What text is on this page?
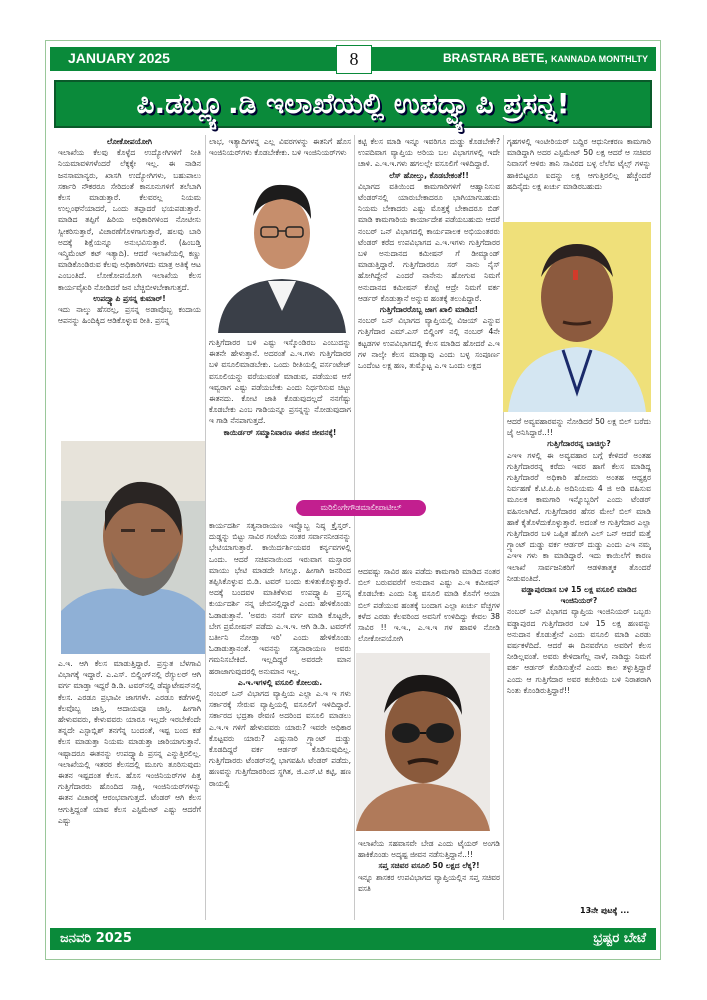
JANUARY 2025	BRASTARA BETE, KANNADA MONTHLTY
8
ಪಿ.ಡಬ್ಲ್ಯೂ.ಡಿ ಇಲಾಖೆಯಲ್ಲಿ ಉಪದ್ವ್ಯಾಪಿ ಪ್ರಸನ್ನ!
ಲೋಕೋಪಯೋಗಿ

ಇಲಾಖೆಯ ಕೆಲವು ಕೊಳ್ಳೆದ ಉದ್ಯೋಗಿಗಳಿಗೆ ನೀತಿ ನಿಯಮಾವಳಿಗಳೆಂದರೆ ಲೆಕ್ಕಕ್ಕೇ ಇಲ್ಲ. ಈ ನಾಡಿನ ಜನಸಾಮಾನ್ಯರು, ಖಾಸಗಿ ಉದ್ಯೋಗಿಗಳು, ಬಹುಪಾಲು ಸರ್ಕಾರಿ ನೌಕರರೂ ಸೇರಿದಂತೆ ಕಾನೂನುಗಳಿಗೆ ತಲೆಬಾಗಿ ಕೆಲಸ ಮಾಡುತ್ತಾರೆ. ಕೆಲವರಲ್ಲ ನಿಯಮ ಉಲ್ಲಂಘನೆಯಾದರೆ, ಒಂದು ತಪ್ಪಾದರೆ ಭಯಪಡುತ್ತಾರೆ. ಮಾಡಿದ ತಪ್ಪಿಗೆ ಹಿರಿಯ ಅಧಿಕಾರಿಗಳಿಂದ ನೋಟೀಸು ಸ್ವೀಕರಿಸುತ್ತಾರೆ, ವಿಚಾರಣೆಗೊಳಗಾಗುತ್ತಾರೆ, ಹಲವು ಬಾರಿ ಅದಕ್ಕೆ ಶಿಕ್ಷೆಯನ್ನೂ ಅನುಭವಿಸುತ್ತಾರೆ. (ಹಿಂಬಡ್ತಿ ಇನ್ಕ್ರಿಮೆಂಟ್ ಕಟ್ ಇತ್ಯಾದಿ). ಆದರೆ ಇಲಾಖೆಯಲ್ಲಿ ಕಣ್ಣು ಮಾಡಿಕೊಂಡಿರುವ ಕೆಲವು ಅಧಿಕಾರಿಗಳದು ಮಾತ್ರ ಅತಿಕ್ಕೆ ಆಟ ಎಂಬಂತಿದೆ. ಲೋಕೋಪಯೋಗಿ ಇಲಾಖೆಯ ಕೆಲಸ ಕಾರ್ಯವೈಖರಿ ನೋಡಿದರೆ ಜನ ಬೆಚ್ಚಿಬೀಳಬೇಕಾಗುತ್ತದೆ.

ಉಪದ್ವ್ಯಾಪಿ ಪ್ರಸನ್ನ ಕುಮಾರ್!

ಇದು ನಾಲ್ಕು ಹೆಸರಲ್ಲ, ಪ್ರಸನ್ನ ಅಡಾವೊಬ್ಬ ಕಂದಾಯ ಆಪನನ್ನು ಹಿಂದಿಕ್ಕಿದ ಆಡಿಕೊಳ್ಳುವ ರೀತಿ. ಪ್ರಸನ್ನ

ಎ.ಇ. ಆಗಿ ಕೆಲಸ ಮಾಡುತ್ತಿದ್ದಾರೆ. ಪ್ರಸ್ತುತ ಬೆಳಗಾವಿ ವಿಭಾಗಕ್ಕೆ ಇದ್ದಾರೆ. ಎ.ಎಸ್. ಬಿಲ್ಡಿಂಗ್‌ನಲ್ಲಿ ರೆಗ್ಯುಲರ್ ಆಗಿ ವರ್ಗ ಮಾಡ್ತಾ ಇದ್ದರೆ ಡಿ.ಡಿ. ಟವರ್‌ನಲ್ಲಿ ಡೆಪ್ಯೂಟೇಷನ್‌ನಲ್ಲಿ ಕೆಲಸ. ಎರಡೂ ಪ್ರಭಾವೀ ಜಾಗಗಳೇ. ಎರಡೂ ಕಡೆಗಳಲ್ಲಿ ಕೆಲವೊಬ್ಬ ಜಾಸ್ತಿ, ಆದಾಯವೂ ಜಾಸ್ತಿ. ಹೀಗಾಗಿ ಹೇಳುವವರು, ಕೇಳುವವರು ಯಾರೂ ಇಲ್ಲದೇ ಇರಬೇಕೆಂದೇ ತನ್ನದೇ ಎಸ್ಟಾಬ್ಲಿಶ್ ತನಗೆನ್ನ ಬಂದಂತೆ, ಇಷ್ಟ ಬಂದ ಕಡೆ ಕೆಲಸ ಮಾಡುತ್ತಾ ನಿಯಮ ಮಾಡುತ್ತಾ ಜಾರಿಯಾಗುತ್ತಾನೆ. ಇಷ್ಟಾದರೂ ಈತನನ್ನು ಉಪದ್ವ್ಯಾಪಿ ಪ್ರಸನ್ನ ಎನ್ನುತ್ತಿರಲಿಲ್ಲ. ಇಲಾಖೆಯಲ್ಲಿ ಇತರರ ಕೆಲಸದಲ್ಲಿ ಮೂಗು ತೂರಿಸುವುದು ಈತನ ಇಷ್ಟದಂತ ಕೆಲಸ. ಹೊಸ ಇಂಜಿನಿಯರ್‌ಗಳ ಪಿತ್ತ ಗುತ್ತಿಗೆದಾರರು ಹೊಂದಿದ ಸಾಕ್ಷಿ, ಇಂಜಿನಿಯರ್‌ಗಳನ್ನು ಈತನ ವಿಚಾರಕ್ಕೆ ಆರಂಭವಾಗುತ್ತದೆ. ಟೆಂಡರ್ ಆಗಿ ಕೆಲಸ ಆಗುತ್ತಿದ್ದಂತೆ ಯಾವ ಕೆಲಸ ಎಸ್ಟಿಮೇಟ್ ಎಷ್ಟು ಆದರೆಗೆ ಎಷ್ಟು

ಲಾಭ, ಇತ್ಯಾದಿಗಳನ್ನ ಎಲ್ಲ ವಿವರಗಳನ್ನು ಈತನಿಗೆ ಹೊಸ ಇಂಜಿನಿಯರ್‌ಗಳು ಕೊಡಬೇಕೇಕು. ಬಳಿ ಇಂಜಿನಿಯರ್‌ಗಳು

ಗುತ್ತಿಗೆದಾರರ ಬಳಿ ಎಷ್ಟು ಇಸ್ಕೊಂಡಿರಬ ಎಂಬುದನ್ನು ಈತನೇ ಹೇಳುತ್ತಾನೆ. ಅದರಂತೆ ಎ.ಇ.ಗಳು ಗುತ್ತಿಗೆದಾರರ ಬಳಿ ವಸೂಲಿಮಾಡಬೇಕು. ಒಂದು ರೀತಿಯಲ್ಲಿ ಪರ್ಸಂಟೇಜ್ ವಸೂಲಿಯನ್ನು ವರೆಯುವಂತೆ ಮಾಡುವ, ಪಡೆಯುವ ಆಸೆ ಇವ್ವರಾಗ ಎಷ್ಟು ಪಡೆಯಬೇಕು ಎಂದು ನಿರ್ಧರಿಸುವ ಚಿಟ್ಟು ಈತನದು. ಕೋಟಿ ಜಾತಿ ಕೊಡುವುದಲ್ಲದೆ ನನಗೆಷ್ಟು ಕೊಡಬೇಕು ಎಂಬ ಗಾಡಿಯನ್ನೂ ಪ್ರಸನ್ನನ್ನು ನೋಡುವುದಾಗ ಇ ಗಾಡಿ ನೆನಪಾಗುತ್ತದೆ.

ಕಾಯಿರ್ಡರ್ ಸಮ್ಮಾನಿವಾರಣ ಈತನ ಜೀವನಕ್ಕೆ!
ಮರಿಲಿಂಗೇಗೌಡಮಾಲೀಪಾಟೀಲ್

ಕಾರ್ಯದರ್ಶಿ ಸತ್ಯನಾರಾಯಣ ಇವ್ವೊಬ್ಬ ನಿಷ್ಠ ಕ್ರೈಸ್ತರ್. ದುಡ್ಡನ್ನು ಬಿಟ್ಟು ಸಾವಿರ ಗಂಟೆಯ ನಂತರ ಸರ್ವಾನನೀಡನನ್ನು ಭೇಟಿಯಾಗುತ್ತಾರೆ. ಕಾಯಿರ್ದರ್ಶಿಯವರ ಕರ್ನ್ಯವಗಳಲ್ಲಿ ಒಂದು. ಆದರೆ ಸಚಿವನಾಯಿಂದ ಇರುವಾಗ ಮಸ್ತಾರರ ಮಾಯು ಭೇಟಿ ಮಾಡದೇ ಸಿಗಲ್ಲೂ. ಹೀಗಾಗಿ ಜನರಿಂದ ತಪ್ಪಿಸಿಕೊಳ್ಳುವ ಬಿ.ಡಿ. ಟವರ್ ಬಂದು ಕುಳಿತುಕೊಳ್ಳುತ್ತಾರೆ. ಅದಕ್ಕೆ ಬಂದವಳ ಮಾತಿಕೆಳುವ ಉಪದ್ವ್ಯಾಪಿ ಪ್ರಸನ್ನ ಕುರ್ಯದರ್ಶಿ ನನ್ನ ಜೇಬಿನಲ್ಲಿದ್ದಾರೆ ಎಂದು ಹೇಳಿಕೊಂಡು ಓಡಾಡುತ್ತಾನೆ. 'ಅವರು ನನಗೆ ವರ್ಗ ಮಾಡಿ ಕೊಟ್ಟರೇ, ಬೇಗ ಪ್ರಮೋಷನ್ ಪಡೆದು ಎ.ಇ.ಇ. ಆಗಿ ಡಿ.ಡಿ. ಟವರ್‌ಗೆ ಬರ್ತೀನಿ ನೋಡ್ತಾ ಇರಿ' ಎಂದು ಹೇಳಿಕೊಂಡು ಓಡಾಡುತ್ತಾನಂತೆ. ಇವನನ್ನು ಸತ್ಯನಾರಾಯಣ ಅವರು ಗಮನಿಸಬೇಕಿದೆ. ಇಲ್ಲದಿದ್ದರೆ ಅವರದೇ ಮಾನ ಹರಾಜಾಗುವುದರಲ್ಲಿ ಅನುಮಾನ ಇಲ್ಲ.

ಎ.ಇ.ಇಗಳಲ್ಲಿ ವಸೂಲಿ ಕೋಲಡು.

ನಂಬರ್ ಒನ್ ವಿಭಾಗದ ವ್ಯಾಪ್ತಿಯ ಎಲ್ಲಾ ಎ.ಇ ಇ ಗಳು ಸರ್ಕಾರಕ್ಕೆ ಸೇರುವ ವ್ಯಾಪ್ತಿಯಲ್ಲಿ ವಸೂಲಿಗೆ ಇಳಿದಿದ್ದಾರೆ. ಸರ್ಕಾರದ ಭದ್ರತಾ ಠೇವಣಿ ಅದರಿಂದ ವಸೂಲಿ ಮಾಡಲು ಎ.ಇ.ಇ ಗಳಿಗೆ ಹೇಳುವವರು ಯಾರು? ಇವರೇ ಅಧಿಕಾರ ಕೊಟ್ಟವರು ಯಾರು? ಎಷ್ಟುಸಾರಿ ಗ್ರ್ಯಾಂಟ್ ದುಡ್ಡು ಕೊಡದಿದ್ದರೆ ವರ್ಕ ಆರ್ಡರ್ ಕೊಡಿಸುವುದಿಲ್ಲ. ಗುತ್ತಿಗೆದಾರರು ಟೆಂಡರ್‌ನಲ್ಲಿ ಭಾಗವಹಿಸಿ ಟೆಂಡರ್ ಪಡೆದು, ಹಣವನ್ನು ಗುತ್ತಿಗೆದಾರರಿಂದ ಸ್ಥಗಿತ, ಜಿ.ಎಸ್.ಟಿ ಕಟ್ಟಿ, ಹಣ ರಾಯಲ್ಟಿ

ಕಟ್ಟಿ ಕೆಲಸ ಮಾಡಿ ಇನ್ನೂ ಇವರಿಗೂ ದುಡ್ಡು ಕೊಡಬೇಕೇ? ಉಪದಿವಾಗ ವ್ಯಾಪ್ತಿಯ ಅರಿಯ ಬಲ ವಿಭಾಗಗಳಲ್ಲಿ ಇದೇ ಚಾಳಿ. ಎ.ಇ.ಇ.ಗಳು ಹಗಲಲ್ಲೇ ವಸೂಲಿಗೆ ಇಳಿದಿದ್ದಾರೆ.

ಲೆಸ್ ಹೋಲ್ತು, ಕೊಡಬೇಕಂತೆ!!

ವಿಭಾಗದ ವತಿಯಿಂದ ಕಾಮಗಾರಿಗಳಿಗೆ ಆಹ್ವಾನಿಸುವ ಟೆಂಡರ್‌ನಲ್ಲಿ ಯಾರುಬೇಕಾದರೂ ಭಾಗಿಯಾಗಬಹುದು ನಿಯಮ ಬೇಕಾದರು ಎಷ್ಟು ಮೊತ್ತಕ್ಕೆ ಬೇಕಾದರೂ ಬಿಡ್ ಮಾಡಿ ಕಾಮಗಾರಿಯ ಕಾರ್ಯಾದೇಶ ಪಡೆಯಬಹುದು ಆದರೆ ನಂಬರ್ ಒನ್ ವಿಭಾಗದಲ್ಲಿ ಕಾರ್ಯಪಾಲಕ ಅಭಿಯಂತರರು ಟೆಂಡರ್ ಕರೆದ ಉಪವಿಭಾಗದ ಎ.ಇ.ಇಗಳು ಗುತ್ತಿಗೆದಾರರ ಬಳಿ ಅನುದಾನದ ಕಮೀಷನ್ ಗೆ ಡೀಮ್ಯಾಂಡ್ ಮಾಡುತ್ತಿದ್ದಾರೆ. ಗುತ್ತಿಗೆದಾರರೂ ಸರ್ ನಾನು ನೈಸ್ ಹೋಗಿದ್ದೇನೆ ಎಂದರೆ ನಾನೇನು ಹೋಗುವ ನಿಮಗೆ ಅನುದಾನದ ಕಮೀಷನ್ ಕೊಟ್ಟೆ ಆದ್ರೇ ನಿಮಗೆ ವರ್ಕ ಆರ್ಡರ್ ಕೊಡುತ್ತಾನೆ ಅನ್ನುವ ಹಂತಕ್ಕೆ ತಲುಪಿದ್ದಾರೆ.

ಗುತ್ತಿಗೆದಾರರೊಬ್ಬ ಜಾಗ ಖಾಲಿ ಮಾಡಿದ!

ನಂಬರ್ ಒನ್ ವಿಭಾಗದ ವ್ಯಾಪ್ತಿಯಲ್ಲಿ ವಿಜಯ್ ಎನ್ನುವ ಗುತ್ತಿಗೆದಾರ ಎಮ್.ಎಸ್ ಬಿಲ್ಡಿಂಗ್ ನಲ್ಲಿ ನಂಬರ್ 4ನೇ ಕಟ್ಟಡಗಳ ಉಪವಿಭಾಗದಲ್ಲಿ ಕೆಲಸ ಮಾಡಿದ ಹೋದರೆ ಎ.ಇ ಗಳ ನಾಲ್ಕೇ ಕೆಲಸ ಮಾಡ್ಯಾವು ಎಂದು ಬಳ್ಳ ಸಂಪೂರ್ಣ ಒಂದೆಂಟ ಲಕ್ಷ ಹಣ, ತುಮ್ಕೊಟ್ಟ ಎ.ಇ ಒಂದು ಲಕ್ಷದ

ಆದವಷ್ಟು ಸಾವಿರ ಹಣ ಪಡೆದು ಕಾಮಗಾರಿ ಮಾಡಿದ ನಂತರ ಬಿಲ್ ಬರುವವರೆಗೆ ಅನುದಾನ ಎಷ್ಟು ಎ.ಇ ಕಮೀಷನ್ ಕೊಡಬೇಕು ಎಂದು ನಿತ್ಯ ವಸೂಲಿ ಮಾಡಿ ಕೊನೆಗೆ ಆಯಾ ಬಿಲ್ ಪಡೆಯುವ ಹಂತಕ್ಕೆ ಬಂದಾಗ ಎಲ್ಲಾ ಖರ್ಚು ವೆಚ್ಚಗಳ ಕಳೆದ ಎರಡು ಕೆಲವರಿಂದ ಅವನಿಗೆ ಉಳಿದಿದ್ದು ಕೇವಲ 38 ಸಾವಿರ !! ಇ.ಇ., ಎ.ಇ.ಇ ಗಳ ಹಾವಳಿ ನೋಡಿ ಲೋಕೋಪಯೋಗಿ

ಇಲಾಖೆಯ ಸಹವಾಸವೇ ಬೇಡ ಎಂದು ಟೈಯರ್ ಅಂಗಡಿ ಹಾಕಿಕೊಂಡು ಅದೃಷ್ಟ ಜೀವನ ನಡೆಸುತ್ತಿದ್ದಾನೆ..!!

ಸಪ್ತ ಸಚಿವರ ವಸೂಲಿ 50 ಲಕ್ಷದ ಲೆಕ್ಕ?!

ಇನ್ನೂ ಶಾಸಕರ ಉಪವಿಭಾಗದ ವ್ಯಾಪ್ತಿಯಲ್ಲಿನ ಸಪ್ತ ಸಚಿವರ ವಸತಿ

ಗೃಹಗಳಲ್ಲಿ ಇಂಟೀರಿಯರ್ ಬದ್ದಿರ ಆಧುನೀಕರಣ ಕಾಮಗಾರಿ ಮಾಡಿದ್ದಾಗಿ ಅದರ ಎಸ್ಟಿಮೇಟ್ 50 ಲಕ್ಷ ಆದರೆ ಆ ಸಚಿವರ ನಿವಾಸಗೆ ಆಳಿರು ತಾನಿ ಸಾವಿರದ ಬಳ್ಳ ಲೆಲೆವ ಟೈಲ್ಸ್ ಗಳನ್ನು ಹಾಕಿಬಿಟ್ಟರೂ ಐದನ್ನು ಲಕ್ಷ ಆಗುತ್ತಿರಲಿಲ್ಲ ಹೆಚ್ಚೆಂದರೆ ಹದಿನೈದು ಲಕ್ಷ ಖರ್ಚು ಮಾಡಿರಬಹುದು

ಆದರೆ ಅವ್ಯವಹಾರವನ್ನು ನೋಡಿದರೆ 50 ಲಕ್ಷ ಬಿಲ್ ಬರೆದು ಜೈ ಅನಿಸಿದ್ದಾರೆ..!!

ಗುತ್ತಿಗೆದಾರರನ್ನ ಬಾಚಿಗ್ಳು?

ಎಇಇ ಗಳಲ್ಲಿ ಈ ಅವ್ಯವಹಾರ ಬಗ್ಗೆ ಕೇಳಿದರೆ ಅಂತಹ ಗುತ್ತಿಗೆದಾರರನ್ನ ಕರೆದು ಇವರ ಹಾಗೆ ಕೆಲಸ ಮಾಡಿದ್ದ ಗುತ್ತಿಗೆದಾರರೆ ಅಧಿಕಾರಿ ಹೋದರು ಅಂತಹ ಆಧ್ಯಕ್ಷರ ನಿರ್ವಹಣೆ ಕೆ.ಟಿ.ಪಿ.ಪಿ ಅದಿನಿಯಮ 4 ಜಿ ಅಡಿ ವಹಿಸುವ ಮೂಲಕ ಕಾಮಗಾರಿ ಇನ್ನೊಬ್ಬರಿಗೆ ಎಂದು ಟೆಂಡರ್ ವಹಿಸಲಾಗಿದೆ. ಗುತ್ತಿಗೆದಾರರ ಹೆಸರ ಮೇಲೆ ಬಿಲ್ ಮಾಡಿ ಹಾಕೆ ಕೈತೊಳೆದುಕೊಳ್ಳುತ್ತಾರೆ. ಅದಂತೆ ಆ ಗುತ್ತಿಗೆದಾರ ಎಲ್ಲಾ ಗುತ್ತಿಗೆದಾರರ ಬಳಿ ಒಪ್ಪಿತ ಹೋಗಿ ಎಲ್ ಒನ್ ಆದರೆ ಮತ್ತೆ ಗ್ರ್ಯಾಂಟ್ ದುಡ್ಡು ವರ್ಕ ಆರ್ಡರ್ ದುಡ್ಡು ಎಂದು ಎಇ ನಮ್ಮ ಎಇಇ ಗಳು ಕಾ ಮಾಡಿದ್ದಾರೆ. ಇದು ಕಾಯಿಲೆಗೆ ಕಾರಣ ಇಲಾಖೆ ಸಾರ್ವಜನಿಕರಿಗೆ ಆಡಳಿತಾತ್ಮಕ ತೊಂದರೆ ನೀಡುವಂತಿದೆ.

ವಡ್ಡಾಪುರದಾಸ ಬಳಿ 15 ಲಕ್ಷ ವಸೂಲಿ ಮಾಡಿದ ಇಂಜಿನಿಯರ್?

ನಂಬರ್ ಒನ್ ವಿಭಾಗದ ವ್ಯಾಪ್ತಿಯ ಇಂಜಿನಿಯರ್ ಒಬ್ಬರು ವಡ್ಡಾಪುರದ ಗುತ್ತಿಗೆದಾರರ ಬಳಿ 15 ಲಕ್ಷ ಹಣವನ್ನು ಅನುದಾನ ಕೊಡುತ್ತೇನೆ ಎಂದು ವಸೂಲಿ ಮಾಡಿ ಎರಡು ವರ್ಷಕಳೆದಿದೆ. ಆದರೆ ಈ ದಿನವರೆಗೂ ಅವರಿಗೆ ಕೆಲಸ ನೀಡಿಲ್ಲವಂತೆ. ಅವರು ಕೇಳಿದಾಗೆಲ್ಲ ನಾಳೆ, ನಾಡಿದ್ದು ನಿಮಗೆ ವರ್ಕ ಆರ್ಡರ್ ಕೊಡಿಸುತ್ತೇನೆ ಎಂದು ಕಾಲ ತಳ್ಳುತ್ತಿದ್ದಾರೆ ಎಂದು ಆ ಗುತ್ತಿಗೆದಾರ ಅವರ ಕಚೇರಿಯ ಬಳಿ ನಿರಾಶರಾಗಿ ನಿಂತು ಕೊಂಡಿರುತ್ತಿದ್ದಾರೆ!!

13ನೇ ಪುಟಕ್ಕೆ ...
ಜನವರಿ 2025	ಭ್ರಷ್ಟರ ಬೇಟೆ
